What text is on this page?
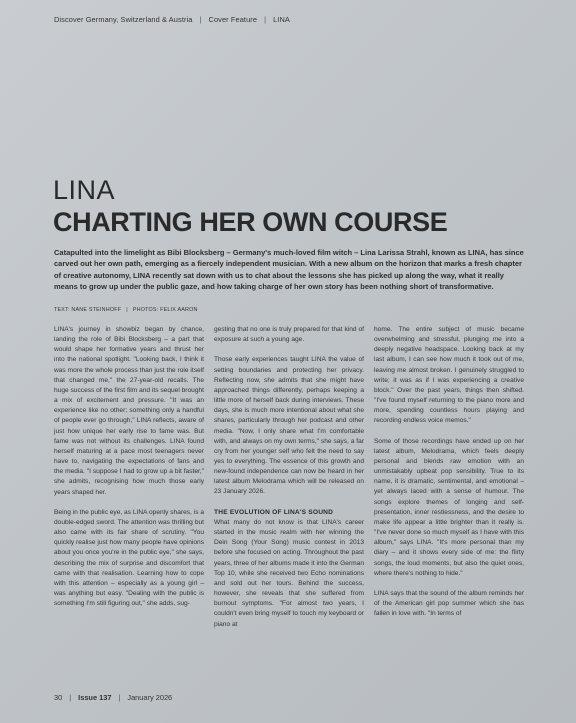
Discover Germany, Switzerland & Austria | Cover Feature | LINA
LINA
CHARTING HER OWN COURSE
Catapulted into the limelight as Bibi Blocksberg – Germany's much-loved film witch – Lina Larissa Strahl, known as LINA, has since carved out her own path, emerging as a fiercely independent musician. With a new album on the horizon that marks a fresh chapter of creative autonomy, LINA recently sat down with us to chat about the lessons she has picked up along the way, what it really means to grow up under the public gaze, and how taking charge of her own story has been nothing short of transformative.
TEXT: NANE STEINHOFF | PHOTOS: FELIX AARON

LINA's journey in showbiz began by chance, landing the role of Bibi Blocksberg – a part that would shape her formative years and thrust her into the national spotlight. "Looking back, I think it was more the whole process than just the role itself that changed me," the 27-year-old recalls. The huge success of the first film and its sequel brought a mix of excitement and pressure. "It was an experience like no other; something only a handful of people ever go through," LINA reflects, aware of just how unique her early rise to fame was. But fame was not without its challenges. LINA found herself maturing at a pace most teenagers never have to, navigating the expectations of fans and the media. "I suppose I had to grow up a bit faster," she admits, recognising how much those early years shaped her.

Being in the public eye, as LINA openly shares, is a double-edged sword. The attention was thrilling but also came with its fair share of scrutiny. "You quickly realise just how many people have opinions about you once you're in the public eye," she says, describing the mix of surprise and discomfort that came with that realisation. Learning how to cope with this attention – especially as a young girl – was anything but easy. "Dealing with the public is something I'm still figuring out," she adds, sug-

gesting that no one is truly prepared for that kind of exposure at such a young age.

Those early experiences taught LINA the value of setting boundaries and protecting her privacy. Reflecting now, she admits that she might have approached things differently, perhaps keeping a little more of herself back during interviews. These days, she is much more intentional about what she shares, particularly through her podcast and other media. "Now, I only share what I'm comfortable with, and always on my own terms," she says, a far cry from her younger self who felt the need to say yes to everything. The essence of this growth and new-found independence can now be heard in her latest album Melodrama which will be released on 23 January 2026.

THE EVOLUTION OF LINA'S SOUND

What many do not know is that LINA's career started in the music realm with her winning the Dein Song (Your Song) music contest in 2013 before she focused on acting. Throughout the past years, three of her albums made it into the German Top 10, while she received two Echo nominations and sold out her tours. Behind the success, however, she reveals that she suffered from burnout symptoms. "For almost two years, I couldn't even bring myself to touch my keyboard or piano at

home. The entire subject of music became overwhelming and stressful, plunging me into a deeply negative headspace. Looking back at my last album, I can see how much it took out of me, leaving me almost broken. I genuinely struggled to write; it was as if I was experiencing a creative block." Over the past years, things then shifted. "I've found myself returning to the piano more and more, spending countless hours playing and recording endless voice memos."

Some of those recordings have ended up on her latest album, Melodrama, which feels deeply personal and blends raw emotion with an unmistakably upbeat pop sensibility. True to its name, it is dramatic, sentimental, and emotional – yet always laced with a sense of humour. The songs explore themes of longing and self-presentation, inner restlessness, and the desire to make life appear a little brighter than it really is. "I've never done so much myself as I have with this album," says LINA. "It's more personal than my diary – and it shows every side of me: the flirty songs, the loud moments, but also the quiet ones, where there's nothing to hide."

LINA says that the sound of the album reminds her of the American girl pop summer which she has fallen in love with. "In terms of

30 | Issue 137 | January 2026
